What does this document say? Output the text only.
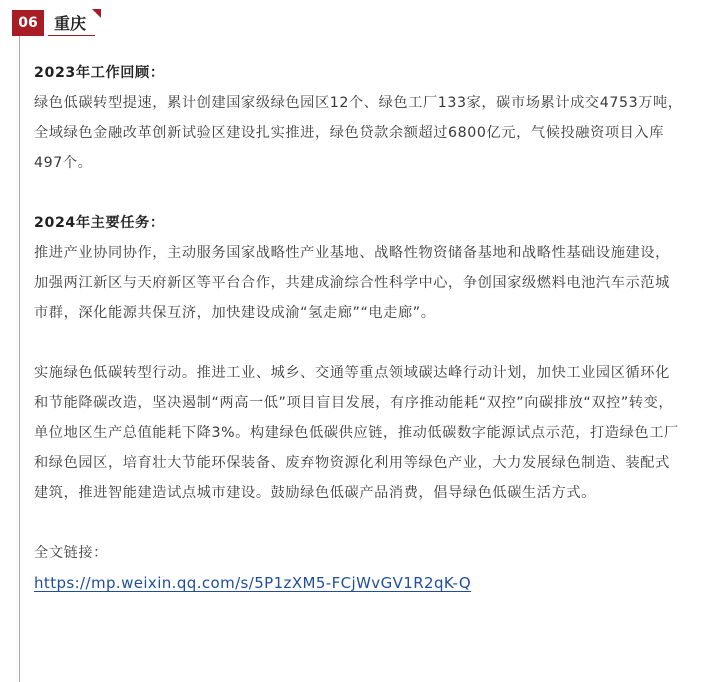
06	重庆

2023年工作回顾：

绿色低碳转型提速，累计创建国家级绿色园区12个、绿色工厂133家，碳市场累计成交4753万吨，全域绿色金融改革创新试验区建设扎实推进，绿色贷款余额超过6800亿元，气候投融资项目入库497个。

2024年主要任务：

推进产业协同协作，主动服务国家战略性产业基地、战略性物资储备基地和战略性基础设施建设，加强两江新区与天府新区等平台合作，共建成渝综合性科学中心，争创国家级燃料电池汽车示范城市群，深化能源共保互济，加快建设成渝“氢走廊”“电走廊”。

实施绿色低碳转型行动。推进工业、城乡、交通等重点领域碳达峰行动计划，加快工业园区循环化和节能降碳改造，坚决遏制“两高一低”项目盲目发展，有序推动能耗“双控”向碳排放“双控”转变，单位地区生产总值能耗下降3%。构建绿色低碳供应链，推动低碳数字能源试点示范，打造绿色工厂和绿色园区，培育壮大节能环保装备、废弃物资源化利用等绿色产业，大力发展绿色制造、装配式建筑，推进智能建造试点城市建设。鼓励绿色低碳产品消费，倡导绿色低碳生活方式。

全文链接：

https://mp.weixin.qq.com/s/5P1zXM5-FCjWvGV1R2qK-Q
